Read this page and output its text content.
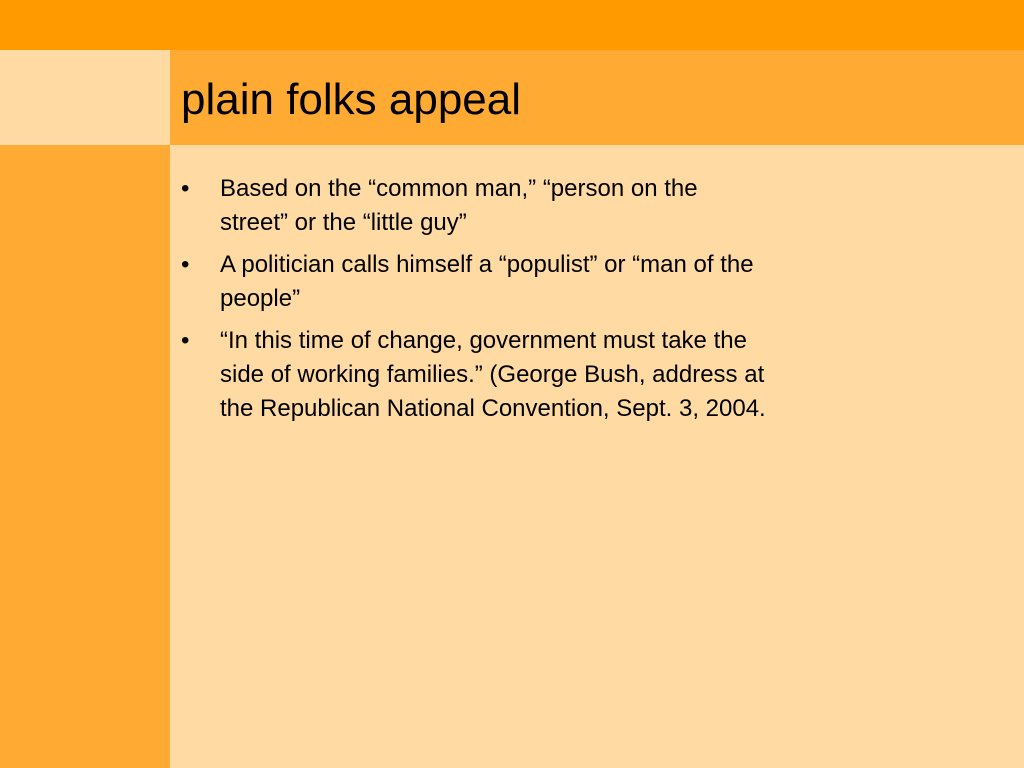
plain folks appeal
•	Based on the “common man,” “person on the street” or the “little guy”
•	A politician calls himself a “populist” or “man of the people”
•	“In this time of change, government must take the side of working families.” (George Bush, address at the Republican National Convention, Sept. 3, 2004.
